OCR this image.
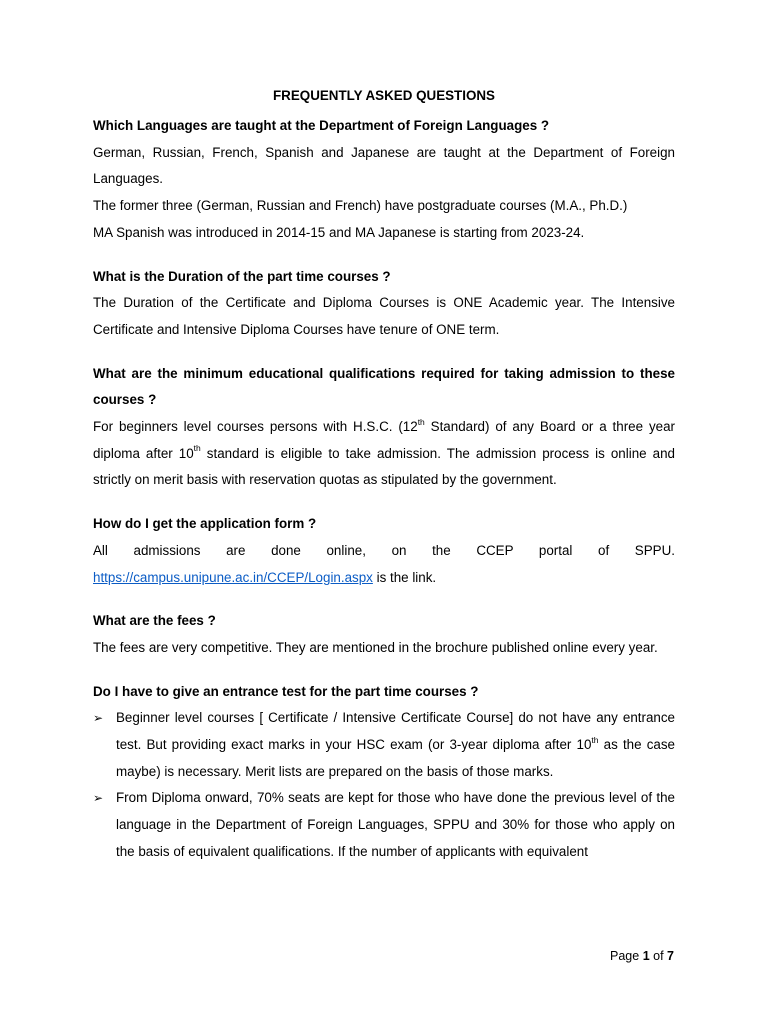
FREQUENTLY ASKED QUESTIONS
Which Languages are taught at the Department of Foreign Languages ?
German, Russian, French, Spanish and Japanese are taught at the Department of Foreign Languages.
The former three (German, Russian and French) have postgraduate courses (M.A., Ph.D.)
MA Spanish was introduced in 2014-15 and MA Japanese is starting from 2023-24.
What is the Duration of the part time courses ?
The Duration of the Certificate and Diploma Courses is ONE Academic year. The Intensive Certificate and Intensive Diploma Courses have tenure of ONE term.
What are the minimum educational qualifications required for taking admission to these courses ?
For beginners level courses persons with H.S.C. (12th Standard) of any Board or a three year diploma after 10th standard is eligible to take admission. The admission process is online and strictly on merit basis with reservation quotas as stipulated by the government.
How do I get the application form ?
All admissions are done online, on the CCEP portal of SPPU.
https://campus.unipune.ac.in/CCEP/Login.aspx is the link.
What are the fees ?
The fees are very competitive. They are mentioned in the brochure published online every year.
Do I have to give an entrance test for the part time courses ?
➢ Beginner level courses [ Certificate / Intensive Certificate Course] do not have any entrance test. But providing exact marks in your HSC exam (or 3-year diploma after 10th as the case maybe) is necessary. Merit lists are prepared on the basis of those marks.
➢ From Diploma onward, 70% seats are kept for those who have done the previous level of the language in the Department of Foreign Languages, SPPU and 30% for those who apply on the basis of equivalent qualifications. If the number of applicants with equivalent
Page 1 of 7
